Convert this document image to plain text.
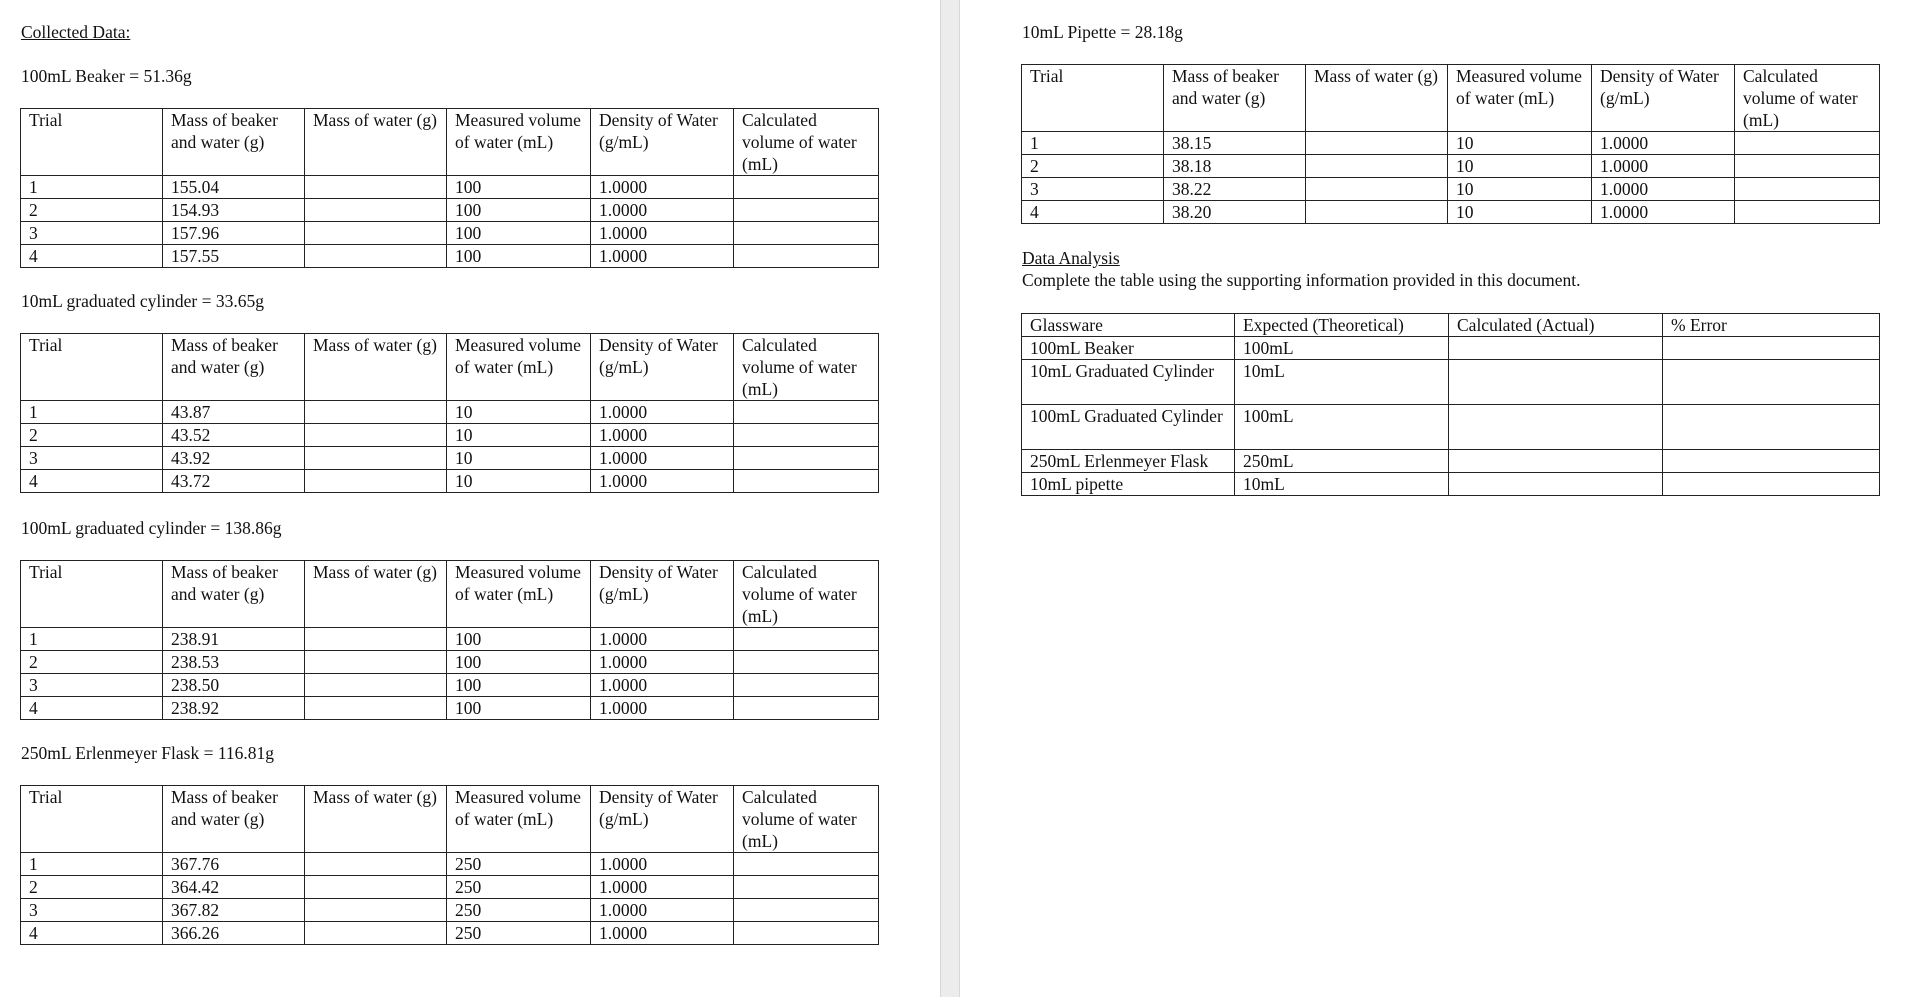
Collected Data:
100mL Beaker = 51.36g
Trial	Mass of beaker and water (g)	Mass of water (g)	Measured volume of water (mL)	Density of Water (g/mL)	Calculated volume of water (mL)
1	155.04		100	1.0000	
2	154.93		100	1.0000	
3	157.96		100	1.0000	
4	157.55		100	1.0000	
10mL graduated cylinder = 33.65g
Trial	Mass of beaker and water (g)	Mass of water (g)	Measured volume of water (mL)	Density of Water (g/mL)	Calculated volume of water (mL)
1	43.87		10	1.0000	
2	43.52		10	1.0000	
3	43.92		10	1.0000	
4	43.72		10	1.0000	
100mL graduated cylinder = 138.86g
Trial	Mass of beaker and water (g)	Mass of water (g)	Measured volume of water (mL)	Density of Water (g/mL)	Calculated volume of water (mL)
1	238.91		100	1.0000	
2	238.53		100	1.0000	
3	238.50		100	1.0000	
4	238.92		100	1.0000	
250mL Erlenmeyer Flask = 116.81g
Trial	Mass of beaker and water (g)	Mass of water (g)	Measured volume of water (mL)	Density of Water (g/mL)	Calculated volume of water (mL)
1	367.76		250	1.0000	
2	364.42		250	1.0000	
3	367.82		250	1.0000	
4	366.26		250	1.0000	
10mL Pipette = 28.18g
Trial	Mass of beaker and water (g)	Mass of water (g)	Measured volume of water (mL)	Density of Water (g/mL)	Calculated volume of water (mL)
1	38.15		10	1.0000	
2	38.18		10	1.0000	
3	38.22		10	1.0000	
4	38.20		10	1.0000	
Data Analysis
Complete the table using the supporting information provided in this document.
Glassware	Expected (Theoretical)	Calculated (Actual)	% Error
100mL Beaker	100mL		
10mL Graduated Cylinder	10mL		
100mL Graduated Cylinder	100mL		
250mL Erlenmeyer Flask	250mL		
10mL pipette	10mL		
